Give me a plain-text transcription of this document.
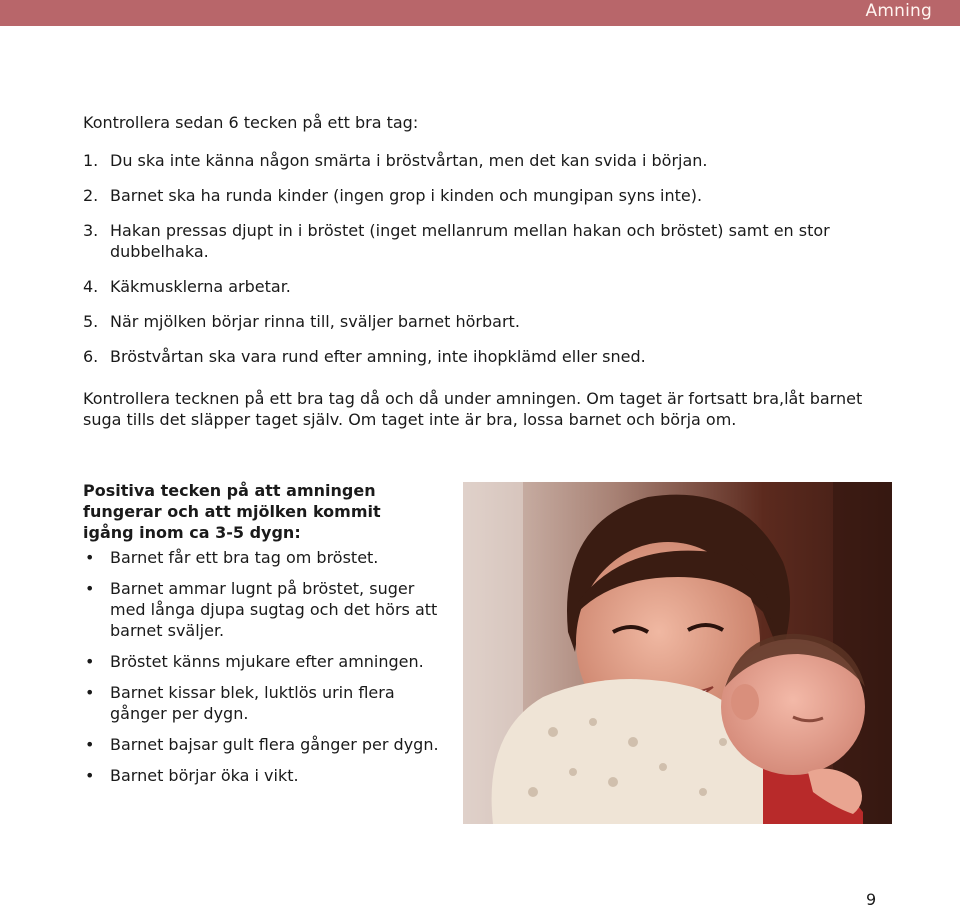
Amning

Kontrollera sedan 6 tecken på ett bra tag:

1. Du ska inte känna någon smärta i bröstvårtan, men det kan svida i början.
2. Barnet ska ha runda kinder (ingen grop i kinden och mungipan syns inte).
3. Hakan pressas djupt in i bröstet (inget mellanrum mellan hakan och bröstet) samt en stor dubbelhaka.
4. Käkmusklerna arbetar.
5. När mjölken börjar rinna till, sväljer barnet hörbart.
6. Bröstvårtan ska vara rund efter amning, inte ihopklämd eller sned.

Kontrollera tecknen på ett bra tag då och då under amningen. Om taget är fortsatt bra,låt barnet suga tills det släpper taget själv. Om taget inte är bra, lossa barnet och börja om.

Positiva tecken på att amningen fungerar och att mjölken kommit igång inom ca 3-5 dygn:

• Barnet får ett bra tag om bröstet.
• Barnet ammar lugnt på bröstet, suger med långa djupa sugtag och det hörs att barnet sväljer.
• Bröstet känns mjukare efter amningen.
• Barnet kissar blek, luktlös urin flera gånger per dygn.
• Barnet bajsar gult flera gånger per dygn.
• Barnet börjar öka i vikt.
9
